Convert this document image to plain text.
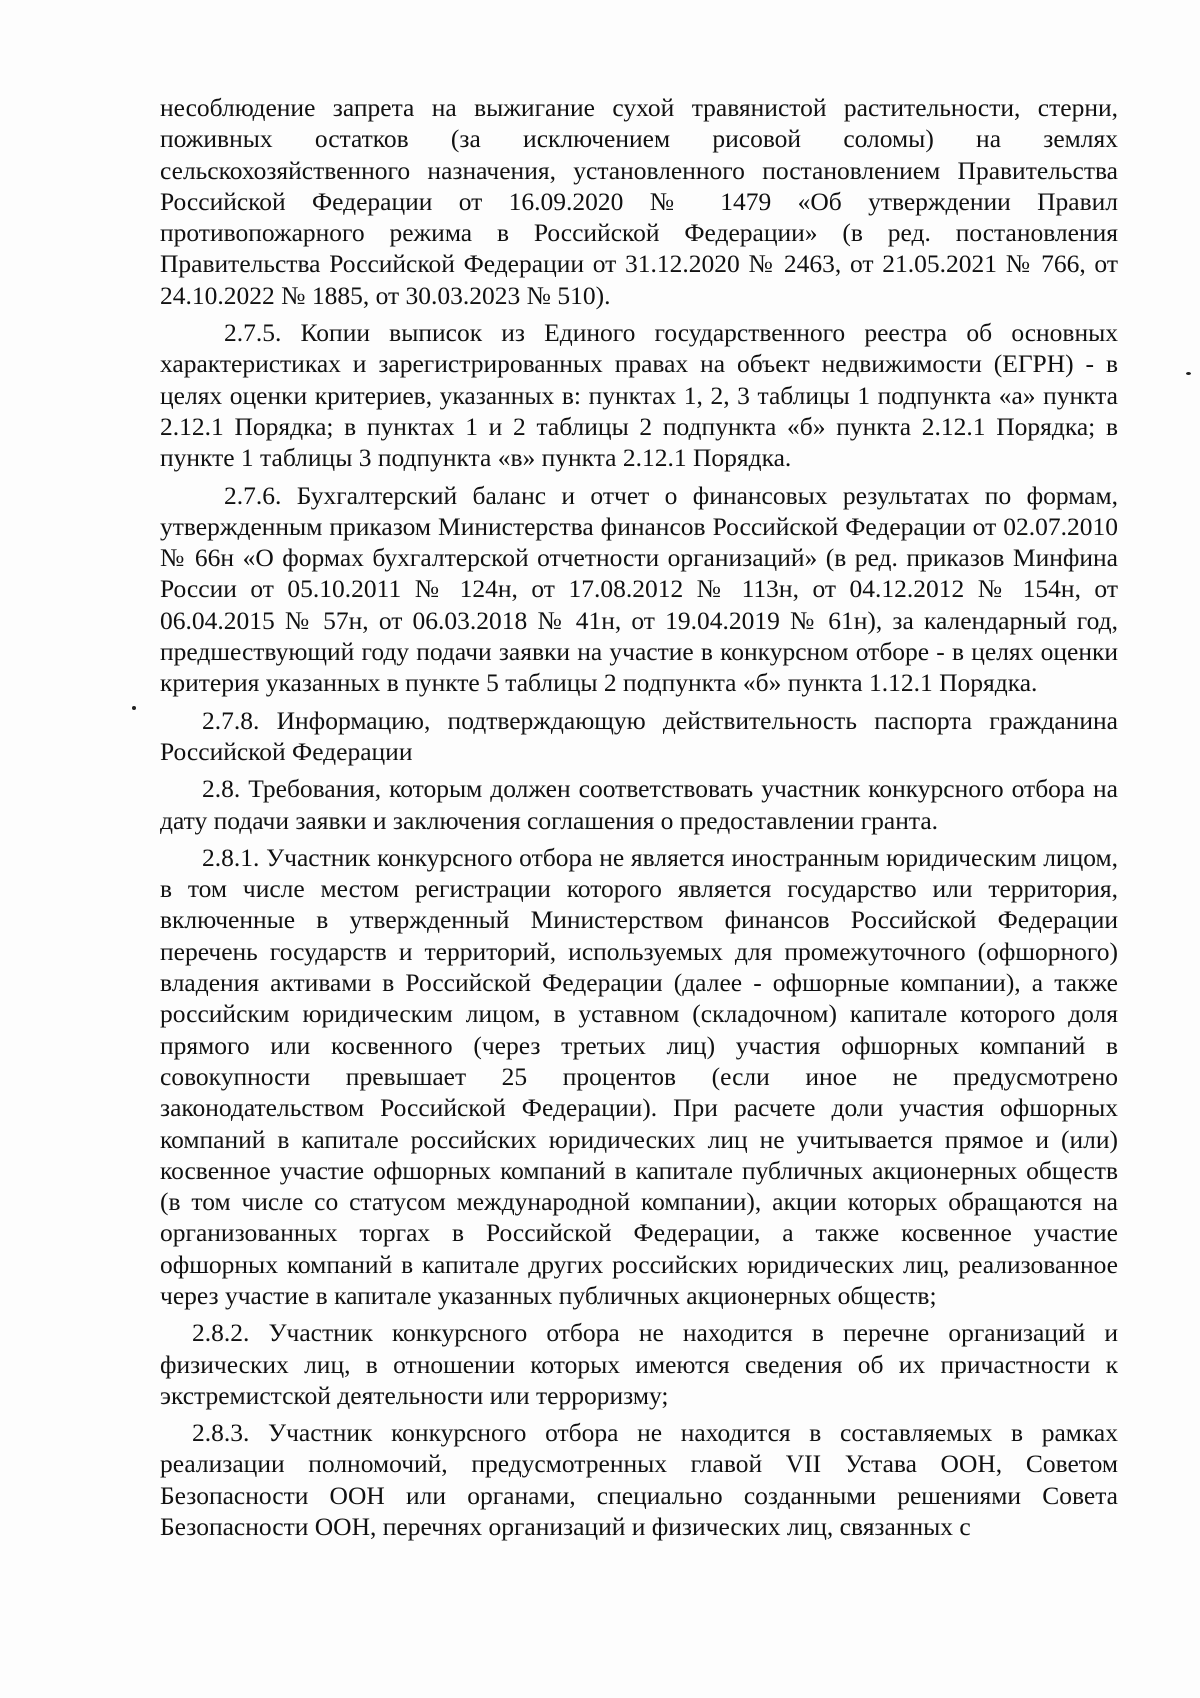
несоблюдение запрета на выжигание сухой травянистой растительности, стерни, поживных остатков (за исключением рисовой соломы) на землях сельскохозяйственного назначения, установленного постановлением Правительства Российской Федерации от 16.09.2020 № 1479 «Об утверждении Правил противопожарного режима в Российской Федерации» (в ред. постановления Правительства Российской Федерации от 31.12.2020 № 2463, от 21.05.2021 № 766, от 24.10.2022 № 1885, от 30.03.2023 № 510).

2.7.5. Копии выписок из Единого государственного реестра об основных характеристиках и зарегистрированных правах на объект недвижимости (ЕГРН) - в целях оценки критериев, указанных в: пунктах 1, 2, 3 таблицы 1 подпункта «а» пункта 2.12.1 Порядка; в пунктах 1 и 2 таблицы 2 подпункта «б» пункта 2.12.1 Порядка; в пункте 1 таблицы 3 подпункта «в» пункта 2.12.1 Порядка.

2.7.6. Бухгалтерский баланс и отчет о финансовых результатах по формам, утвержденным приказом Министерства финансов Российской Федерации от 02.07.2010 № 66н «О формах бухгалтерской отчетности организаций» (в ред. приказов Минфина России от 05.10.2011 № 124н, от 17.08.2012 № 113н, от 04.12.2012 № 154н, от 06.04.2015 № 57н, от 06.03.2018 № 41н, от 19.04.2019 № 61н), за календарный год, предшествующий году подачи заявки на участие в конкурсном отборе - в целях оценки критерия указанных в пункте 5 таблицы 2 подпункта «б» пункта 1.12.1 Порядка.

2.7.8. Информацию, подтверждающую действительность паспорта гражданина Российской Федерации

2.8. Требования, которым должен соответствовать участник конкурсного отбора на дату подачи заявки и заключения соглашения о предоставлении гранта.

2.8.1. Участник конкурсного отбора не является иностранным юридическим лицом, в том числе местом регистрации которого является государство или территория, включенные в утвержденный Министерством финансов Российской Федерации перечень государств и территорий, используемых для промежуточного (офшорного) владения активами в Российской Федерации (далее - офшорные компании), а также российским юридическим лицом, в уставном (складочном) капитале которого доля прямого или косвенного (через третьих лиц) участия офшорных компаний в совокупности превышает 25 процентов (если иное не предусмотрено законодательством Российской Федерации). При расчете доли участия офшорных компаний в капитале российских юридических лиц не учитывается прямое и (или) косвенное участие офшорных компаний в капитале публичных акционерных обществ (в том числе со статусом международной компании), акции которых обращаются на организованных торгах в Российской Федерации, а также косвенное участие офшорных компаний в капитале других российских юридических лиц, реализованное через участие в капитале указанных публичных акционерных обществ;

2.8.2. Участник конкурсного отбора не находится в перечне организаций и физических лиц, в отношении которых имеются сведения об их причастности к экстремистской деятельности или терроризму;

2.8.3. Участник конкурсного отбора не находится в составляемых в рамках реализации полномочий, предусмотренных главой VII Устава ООН, Советом Безопасности ООН или органами, специально созданными решениями Совета Безопасности ООН, перечнях организаций и физических лиц, связанных с
